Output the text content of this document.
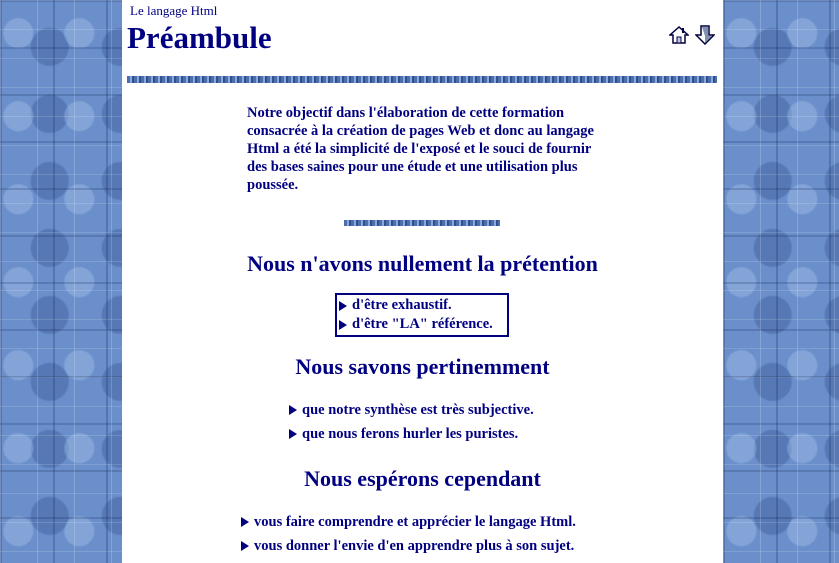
Le langage Html
Préambule
Notre objectif dans l'élaboration de cette formation consacrée à la création de pages Web et donc au langage Html a été la simplicité de l'exposé et le souci de fournir des bases saines pour une étude et une utilisation plus poussée.
Nous n'avons nullement la prétention
d'être exhaustif.
d'être "LA" référence.
Nous savons pertinemment
que notre synthèse est très subjective.
que nous ferons hurler les puristes.
Nous espérons cependant
vous faire comprendre et apprécier le langage Html.
vous donner l'envie d'en apprendre plus à son sujet.
